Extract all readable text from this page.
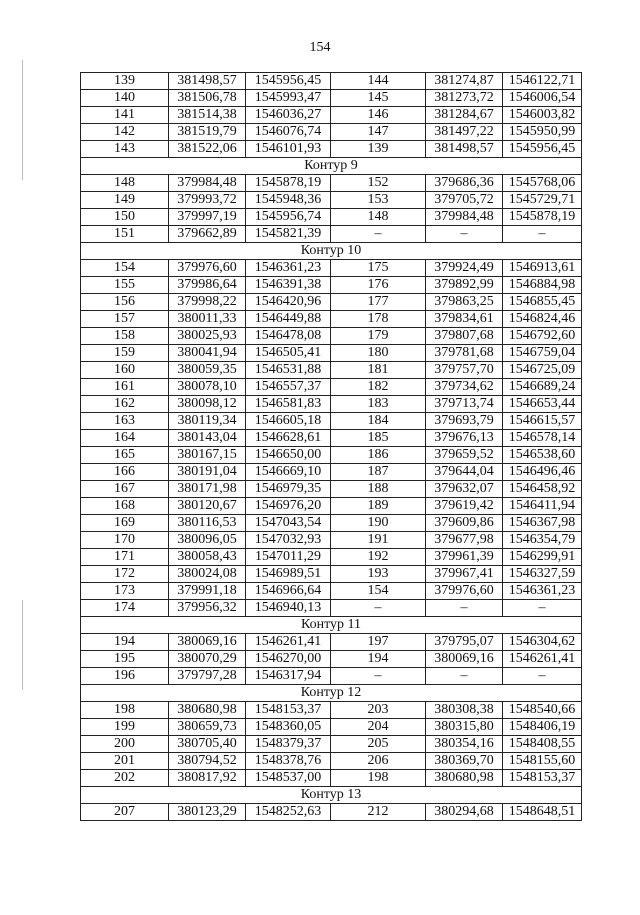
154
139	381498,57	1545956,45	144	381274,87	1546122,71
140	381506,78	1545993,47	145	381273,72	1546006,54
141	381514,38	1546036,27	146	381284,67	1546003,82
142	381519,79	1546076,74	147	381497,22	1545950,99
143	381522,06	1546101,93	139	381498,57	1545956,45
Контур 9					
148	379984,48	1545878,19	152	379686,36	1545768,06
149	379993,72	1545948,36	153	379705,72	1545729,71
150	379997,19	1545956,74	148	379984,48	1545878,19
151	379662,89	1545821,39	–	–	–
Контур 10					
154	379976,60	1546361,23	175	379924,49	1546913,61
155	379986,64	1546391,38	176	379892,99	1546884,98
156	379998,22	1546420,96	177	379863,25	1546855,45
157	380011,33	1546449,88	178	379834,61	1546824,46
158	380025,93	1546478,08	179	379807,68	1546792,60
159	380041,94	1546505,41	180	379781,68	1546759,04
160	380059,35	1546531,88	181	379757,70	1546725,09
161	380078,10	1546557,37	182	379734,62	1546689,24
162	380098,12	1546581,83	183	379713,74	1546653,44
163	380119,34	1546605,18	184	379693,79	1546615,57
164	380143,04	1546628,61	185	379676,13	1546578,14
165	380167,15	1546650,00	186	379659,52	1546538,60
166	380191,04	1546669,10	187	379644,04	1546496,46
167	380171,98	1546979,35	188	379632,07	1546458,92
168	380120,67	1546976,20	189	379619,42	1546411,94
169	380116,53	1547043,54	190	379609,86	1546367,98
170	380096,05	1547032,93	191	379677,98	1546354,79
171	380058,43	1547011,29	192	379961,39	1546299,91
172	380024,08	1546989,51	193	379967,41	1546327,59
173	379991,18	1546966,64	154	379976,60	1546361,23
174	379956,32	1546940,13	–	–	–
Контур 11					
194	380069,16	1546261,41	197	379795,07	1546304,62
195	380070,29	1546270,00	194	380069,16	1546261,41
196	379797,28	1546317,94	–	–	–
Контур 12					
198	380680,98	1548153,37	203	380308,38	1548540,66
199	380659,73	1548360,05	204	380315,80	1548406,19
200	380705,40	1548379,37	205	380354,16	1548408,55
201	380794,52	1548378,76	206	380369,70	1548155,60
202	380817,92	1548537,00	198	380680,98	1548153,37
Контур 13					
207	380123,29	1548252,63	212	380294,68	1548648,51
